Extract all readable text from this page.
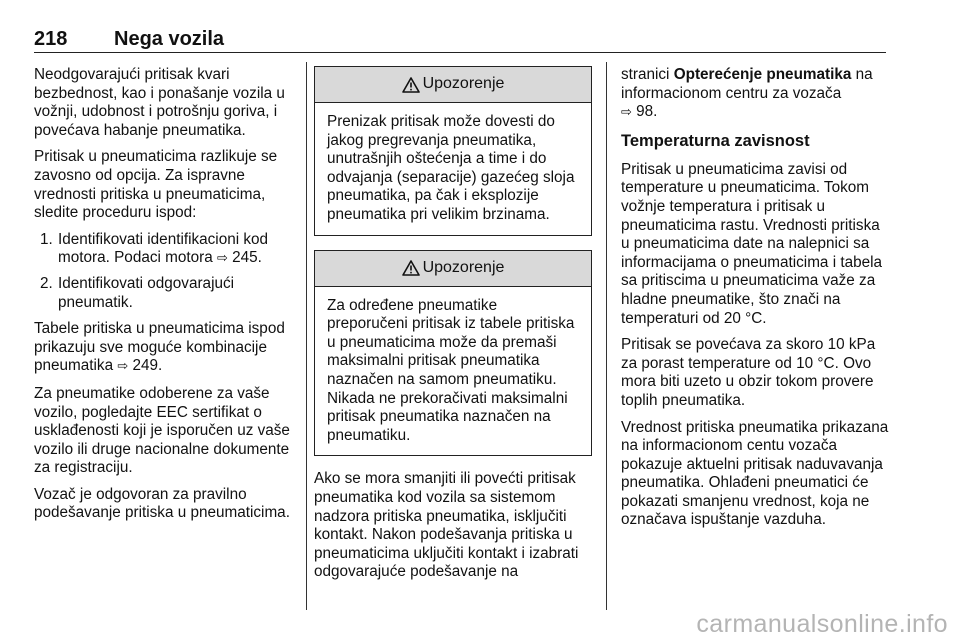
218 Nega vozila

Neodgovarajući pritisak kvari bezbednost, kao i ponašanje vozila u vožnji, udobnost i potrošnju goriva, i povećava habanje pneumatika.

Pritisak u pneumaticima razlikuje se zavosno od opcija. Za ispravne vrednosti pritiska u pneumaticima, sledite proceduru ispod:

1. Identifikovati identifikacioni kod motora. Podaci motora ⇨ 245.
2. Identifikovati odgovarajući pneumatik.

Tabele pritiska u pneumaticima ispod prikazuju sve moguće kombinacije pneumatika ⇨ 249.

Za pneumatike odoberene za vaše vozilo, pogledajte EEC sertifikat o usklađenosti koji je isporučen uz vaše vozilo ili druge nacionalne dokumente za registraciju.

Vozač je odgovoran za pravilno podešavanje pritiska u pneumaticima.

Upozorenje
Prenizak pritisak može dovesti do jakog pregrevanja pneumatika, unutrašnjih oštećenja a time i do odvajanja (separacije) gazećeg sloja pneumatika, pa čak i eksplozije pneumatika pri velikim brzinama.
Upozorenje
Za određene pneumatike preporučeni pritisak iz tabele pritiska u pneumaticima može da premaši maksimalni pritisak pneumatika naznačen na samom pneumatiku. Nikada ne prekoračivati maksimalni pritisak pneumatika naznačen na pneumatiku.

Ako se mora smanjiti ili povećti pritisak pneumatika kod vozila sa sistemom nadzora pritiska pneumatika, isključiti kontakt. Nakon podešavanja pritiska u pneumaticima uključiti kontakt i izabrati odgovarajuće podešavanje na

stranici Opterećenje pneumatika na informacionom centru za vozača
⇨ 98.

Temperaturna zavisnost

Pritisak u pneumaticima zavisi od temperature u pneumaticima. Tokom vožnje temperatura i pritisak u pneumaticima rastu. Vrednosti pritiska u pneumaticima date na nalepnici sa informacijama o pneumaticima i tabela sa pritiscima u pneumaticima važe za hladne pneumatike, što znači na temperaturi od 20 °C.

Pritisak se povećava za skoro 10 kPa za porast temperature od 10 °C. Ovo mora biti uzeto u obzir tokom provere toplih pneumatika.

Vrednost pritiska pneumatika prikazana na informacionom centu vozača pokazuje aktuelni pritisak naduvavanja pneumatika. Ohlađeni pneumatici će pokazati smanjenu vrednost, koja ne označava ispuštanje vazduha.

carmanualsonline.info
